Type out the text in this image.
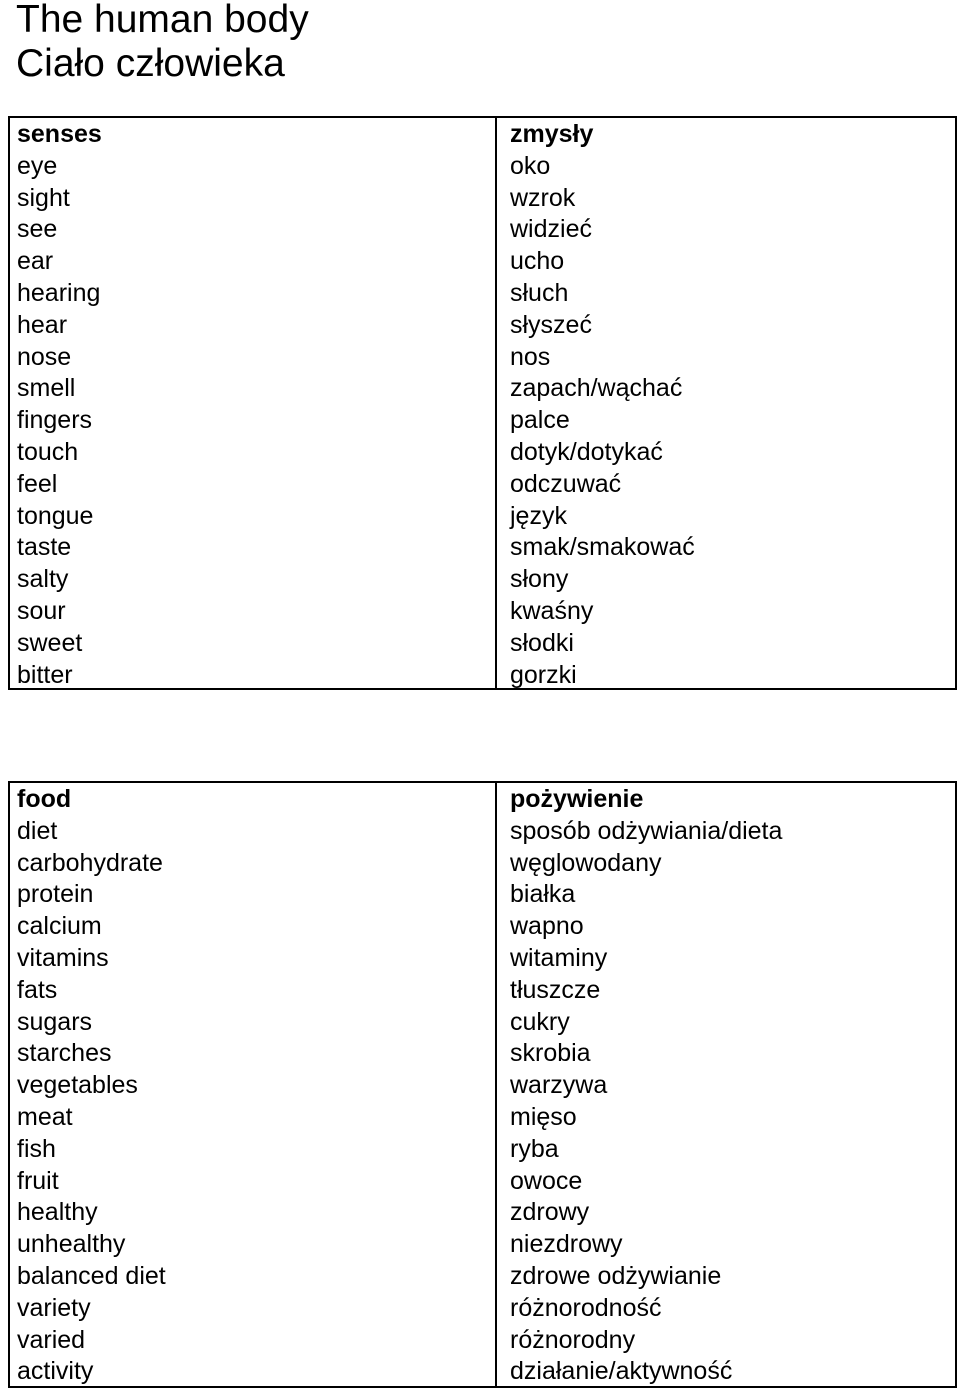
The human body
Ciało człowieka
senses
eye
sight
see
ear
hearing
hear
nose
smell
fingers
touch
feel
tongue
taste
salty
sour
sweet
bitter
zmysły
oko
wzrok
widzieć
ucho
słuch
słyszeć
nos
zapach/wąchać
palce
dotyk/dotykać
odczuwać
język
smak/smakować
słony
kwaśny
słodki
gorzki
food
diet
carbohydrate
protein
calcium
vitamins
fats
sugars
starches
vegetables
meat
fish
fruit
healthy
unhealthy
balanced diet
variety
varied
activity
pożywienie
sposób odżywiania/dieta
węglowodany
białka
wapno
witaminy
tłuszcze
cukry
skrobia
warzywa
mięso
ryba
owoce
zdrowy
niezdrowy
zdrowe odżywianie
różnorodność
różnorodny
działanie/aktywność
